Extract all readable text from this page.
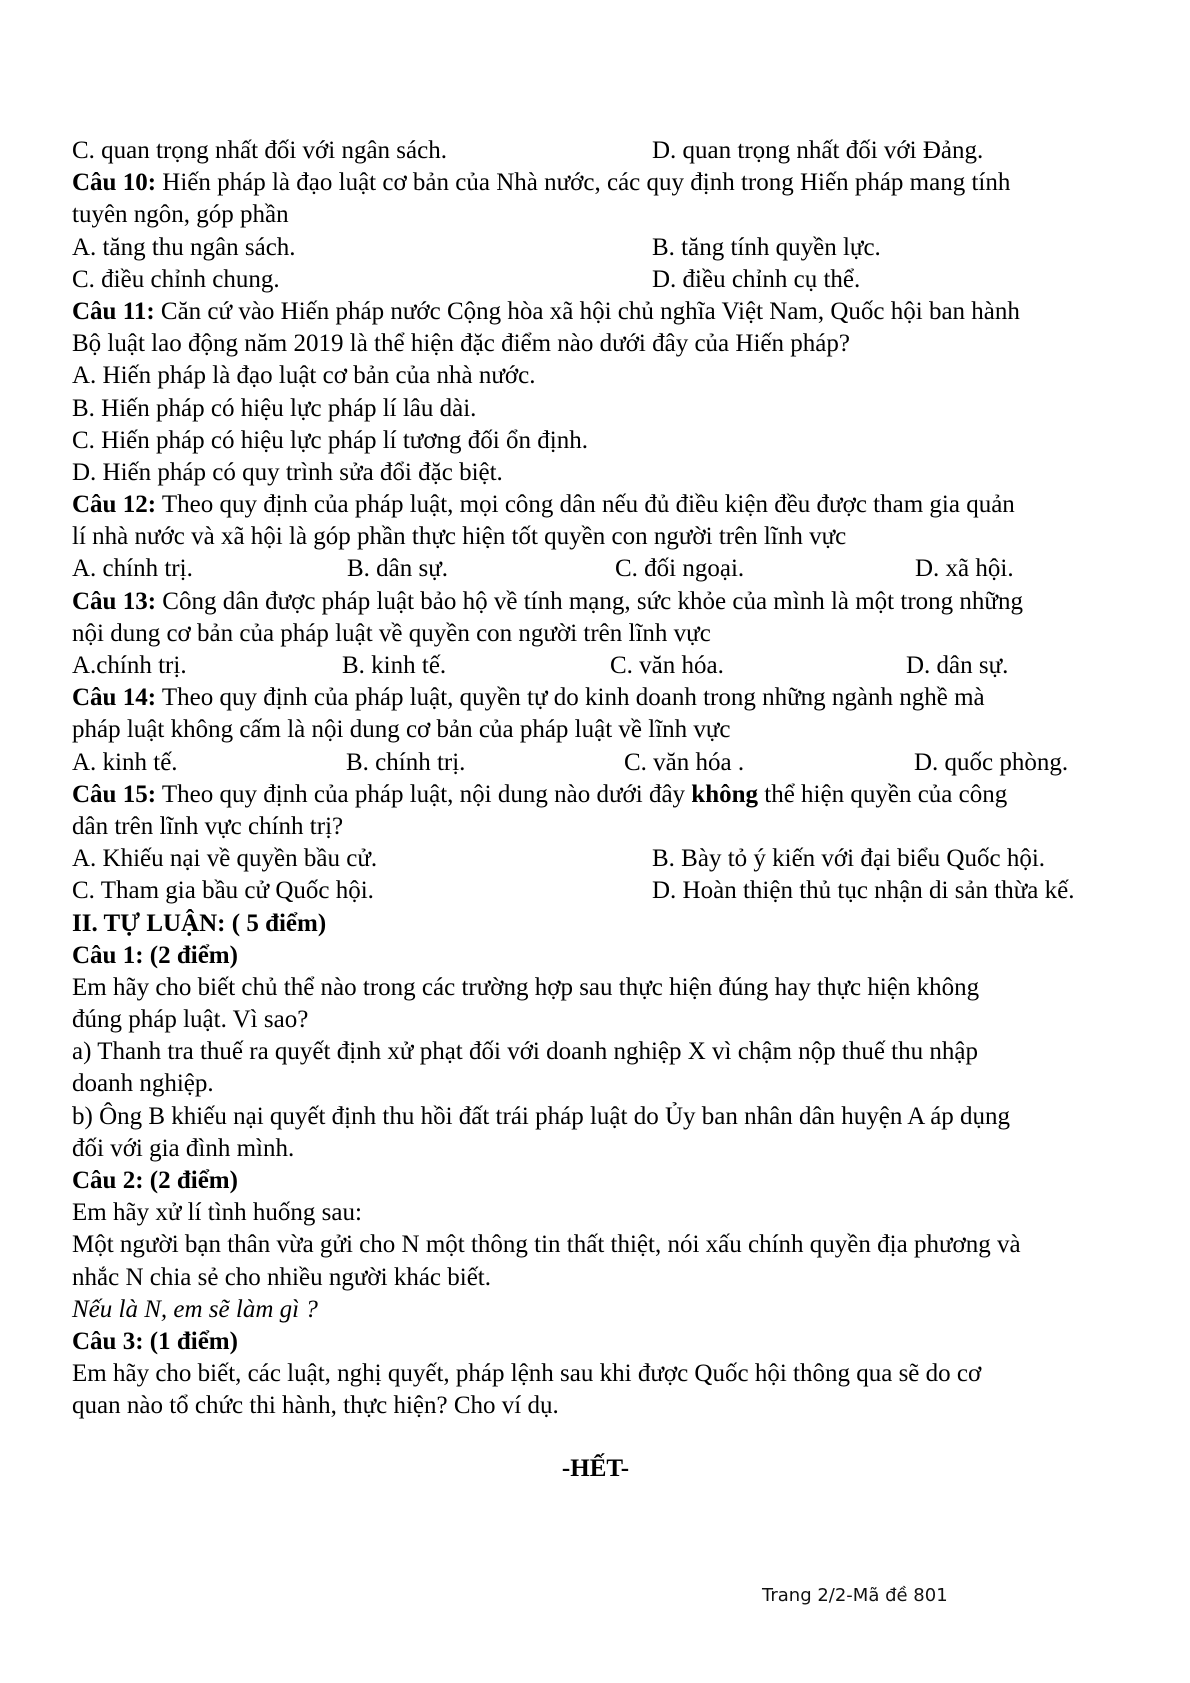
C. quan trọng nhất đối với ngân sách.	D. quan trọng nhất đối với Đảng.
Câu 10: Hiến pháp là đạo luật cơ bản của Nhà nước, các quy định trong Hiến pháp mang tính
tuyên ngôn, góp phần
A. tăng thu ngân sách.	B. tăng tính quyền lực.
C. điều chỉnh chung.	D. điều chỉnh cụ thể.
Câu 11: Căn cứ vào Hiến pháp nước Cộng hòa xã hội chủ nghĩa Việt Nam, Quốc hội ban hành
Bộ luật lao động năm 2019 là thể hiện đặc điểm nào dưới đây của Hiến pháp?
A. Hiến pháp là đạo luật cơ bản của nhà nước.
B. Hiến pháp có hiệu lực pháp lí lâu dài.
C. Hiến pháp có hiệu lực pháp lí tương đối ổn định.
D. Hiến pháp có quy trình sửa đổi đặc biệt.
Câu 12: Theo quy định của pháp luật, mọi công dân nếu đủ điều kiện đều được tham gia quản
lí nhà nước và xã hội là góp phần thực hiện tốt quyền con người trên lĩnh vực
A. chính trị.	B. dân sự.	C. đối ngoại.	D. xã hội.
Câu 13: Công dân được pháp luật bảo hộ về tính mạng, sức khỏe của mình là một trong những
nội dung cơ bản của pháp luật về quyền con người trên lĩnh vực
A.chính trị.	B. kinh tế.	C. văn hóa.	D. dân sự.
Câu 14: Theo quy định của pháp luật, quyền tự do kinh doanh trong những ngành nghề mà
pháp luật không cấm là nội dung cơ bản của pháp luật về lĩnh vực
A. kinh tế.	B. chính trị.	C. văn hóa .	D. quốc phòng.
Câu 15: Theo quy định của pháp luật, nội dung nào dưới đây không thể hiện quyền của công
dân trên lĩnh vực chính trị?
A. Khiếu nại về quyền bầu cử.	B. Bày tỏ ý kiến với đại biểu Quốc hội.
C. Tham gia bầu cử Quốc hội.	D. Hoàn thiện thủ tục nhận di sản thừa kế.
II. TỰ LUẬN: ( 5 điểm)
Câu 1: (2 điểm)
Em hãy cho biết chủ thể nào trong các trường hợp sau thực hiện đúng hay thực hiện không
đúng pháp luật. Vì sao?
a) Thanh tra thuế ra quyết định xử phạt đối với doanh nghiệp X vì chậm nộp thuế thu nhập
doanh nghiệp.
b) Ông B khiếu nại quyết định thu hồi đất trái pháp luật do Ủy ban nhân dân huyện A áp dụng
đối với gia đình mình.
Câu 2: (2 điểm)
Em hãy xử lí tình huống sau:
Một người bạn thân vừa gửi cho N một thông tin thất thiệt, nói xấu chính quyền địa phương và
nhắc N chia sẻ cho nhiều người khác biết.
Nếu là N, em sẽ làm gì ?
Câu 3: (1 điểm)
Em hãy cho biết, các luật, nghị quyết, pháp lệnh sau khi được Quốc hội thông qua sẽ do cơ
quan nào tổ chức thi hành, thực hiện? Cho ví dụ.
-HẾT-
Trang 2/2-Mã đề 801
